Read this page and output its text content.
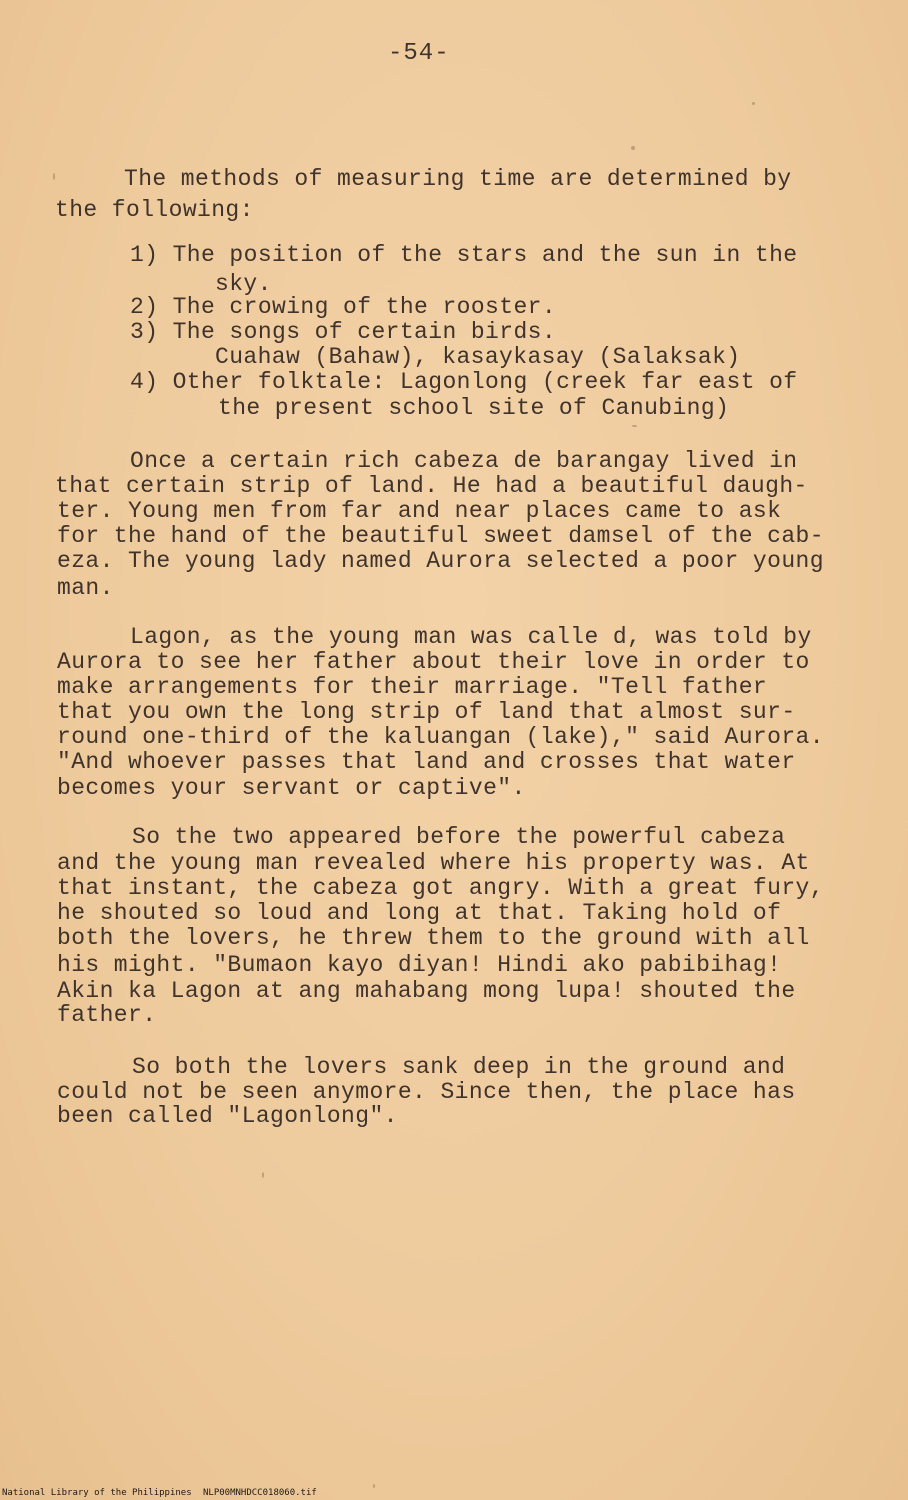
-54-
The methods of measuring time are determined by
the following:
1) The position of the stars and the sun in the
sky.
2) The crowing of the rooster.
3) The songs of certain birds.
Cuahaw (Bahaw), kasaykasay (Salaksak)
4) Other folktale: Lagonlong (creek far east of
the present school site of Canubing)
Once a certain rich cabeza de barangay lived in
that certain strip of land. He had a beautiful daugh-
ter. Young men from far and near places came to ask
for the hand of the beautiful sweet damsel of the cab-
eza. The young lady named Aurora selected a poor young
man.
Lagon, as the young man was calle d, was told by
Aurora to see her father about their love in order to
make arrangements for their marriage. "Tell father
that you own the long strip of land that almost sur-
round one-third of the kaluangan (lake)," said Aurora.
"And whoever passes that land and crosses that water
becomes your servant or captive".
So the two appeared before the powerful cabeza
and the young man revealed where his property was. At
that instant, the cabeza got angry. With a great fury,
he shouted so loud and long at that. Taking hold of
both the lovers, he threw them to the ground with all
his might. "Bumaon kayo diyan! Hindi ako pabibihag!
Akin ka Lagon at ang mahabang mong lupa! shouted the
father.
So both the lovers sank deep in the ground and
could not be seen anymore. Since then, the place has
been called "Lagonlong".
National Library of the Philippines NLP00MNHDCC018060.tif
